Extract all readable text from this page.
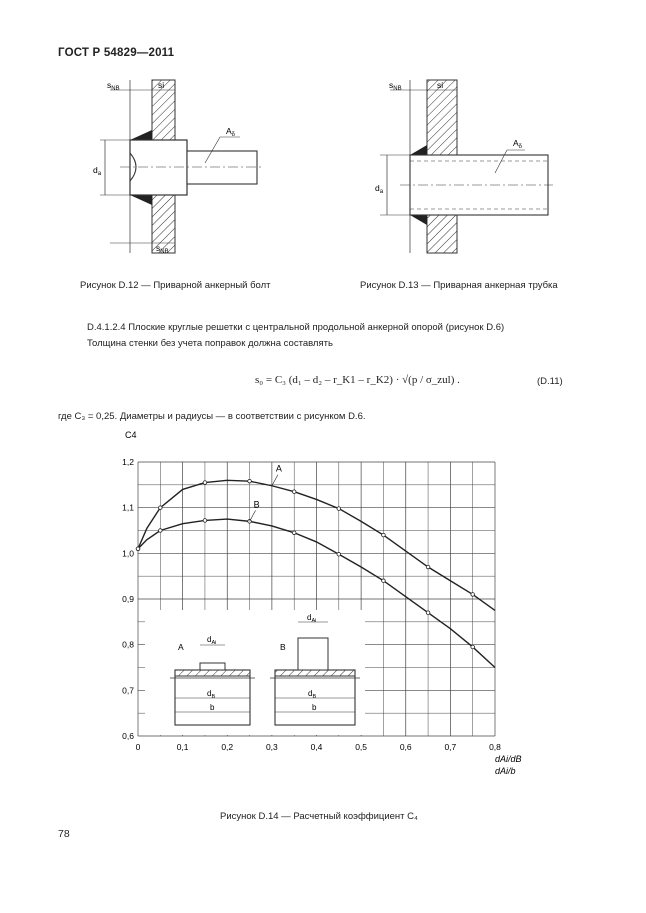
ГОСТ Р 54829—2011
$s_{NB}$	si
$A_\delta$
$d_a$
$s_{NB}$
Рисунок D.12 — Приварной анкерный болт
$s_{NB}$	si
$A_\delta$
$d_a$
Рисунок D.13 — Приварная анкерная трубка
D.4.1.2.4 Плоские круглые решетки с центральной продольной анкерной опорой (рисунок D.6)
Толщина стенки без учета поправок должна составлять
s₀ = C₃ (d₁ – d₂ – r_K1 – r_K2) · √(p / σ_zul) .	(D.11)
где C₃ = 0,25. Диаметры и радиусы — в соответствии с рисунком D.6.
A
B
0	0,1	0,2	0,3	0,4	0,5	0,6	0,7	0,8
0,6
0,7
0,8
0,9
1,0
1,1
1,2
A
$d_{Ai}$
$d_B$
b
B
$d_{Ai}$
$d_B$
b
C4
dAi/dB
dAi/b
Рисунок D.14 — Расчетный коэффициент C₄
78
